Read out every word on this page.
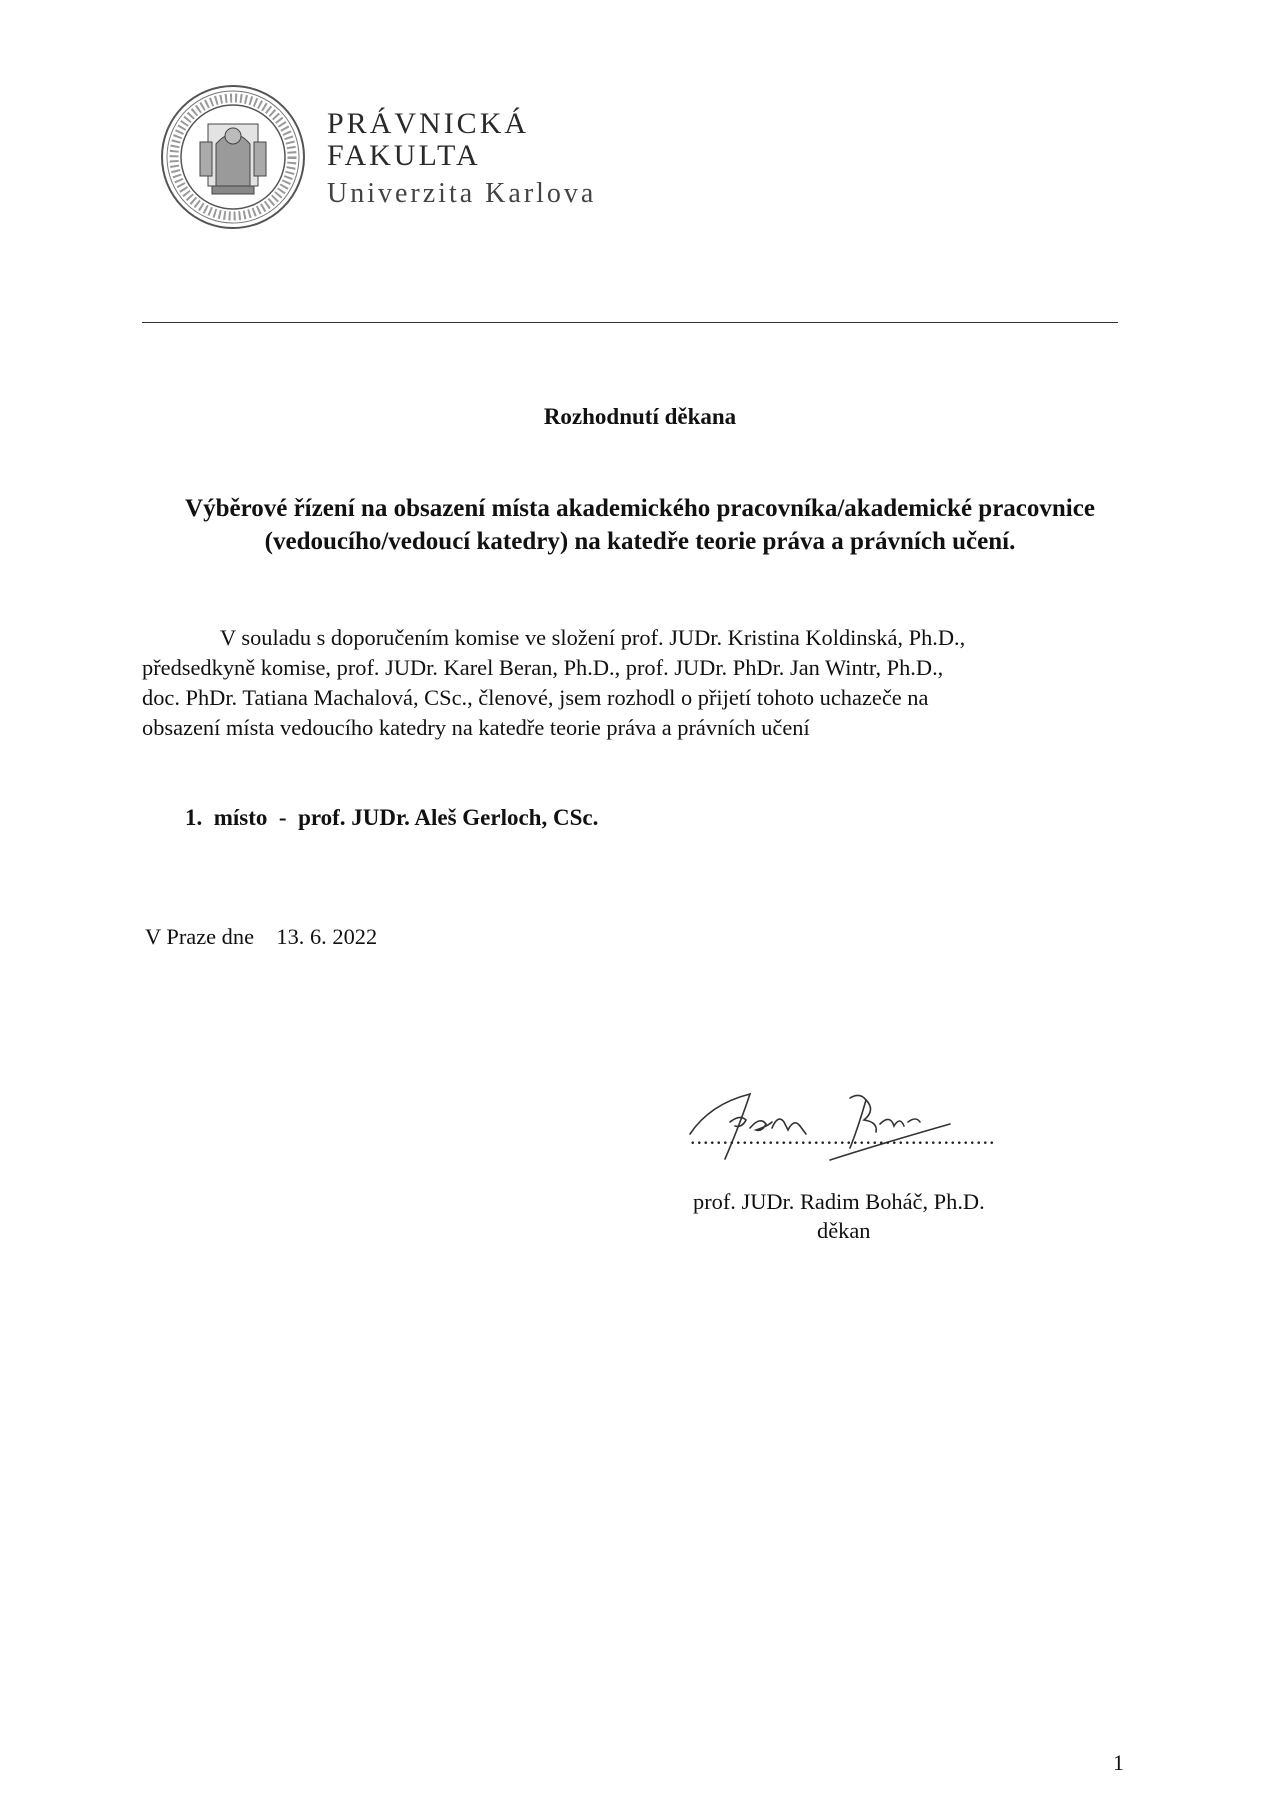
PRÁVNICKÁ
FAKULTA
Univerzita Karlova
Rozhodnutí děkana
Výběrové řízení na obsazení místa akademického pracovníka/akademické pracovnice (vedoucího/vedoucí katedry) na katedře teorie práva a právních učení.

V souladu s doporučením komise ve složení prof. JUDr. Kristina Koldinská, Ph.D.,

předsedkyně komise, prof. JUDr. Karel Beran, Ph.D., prof. JUDr. PhDr. Jan Wintr, Ph.D.,

doc. PhDr. Tatiana Machalová, CSc., členové, jsem rozhodl o přijetí tohoto uchazeče na

obsazení místa vedoucího katedry na katedře teorie práva a právních učení

1.  místo  -  prof. JUDr. Aleš Gerloch, CSc.
V Praze dne    13. 6. 2022
...............................................
prof. JUDr. Radim Boháč, Ph.D.
děkan
1
